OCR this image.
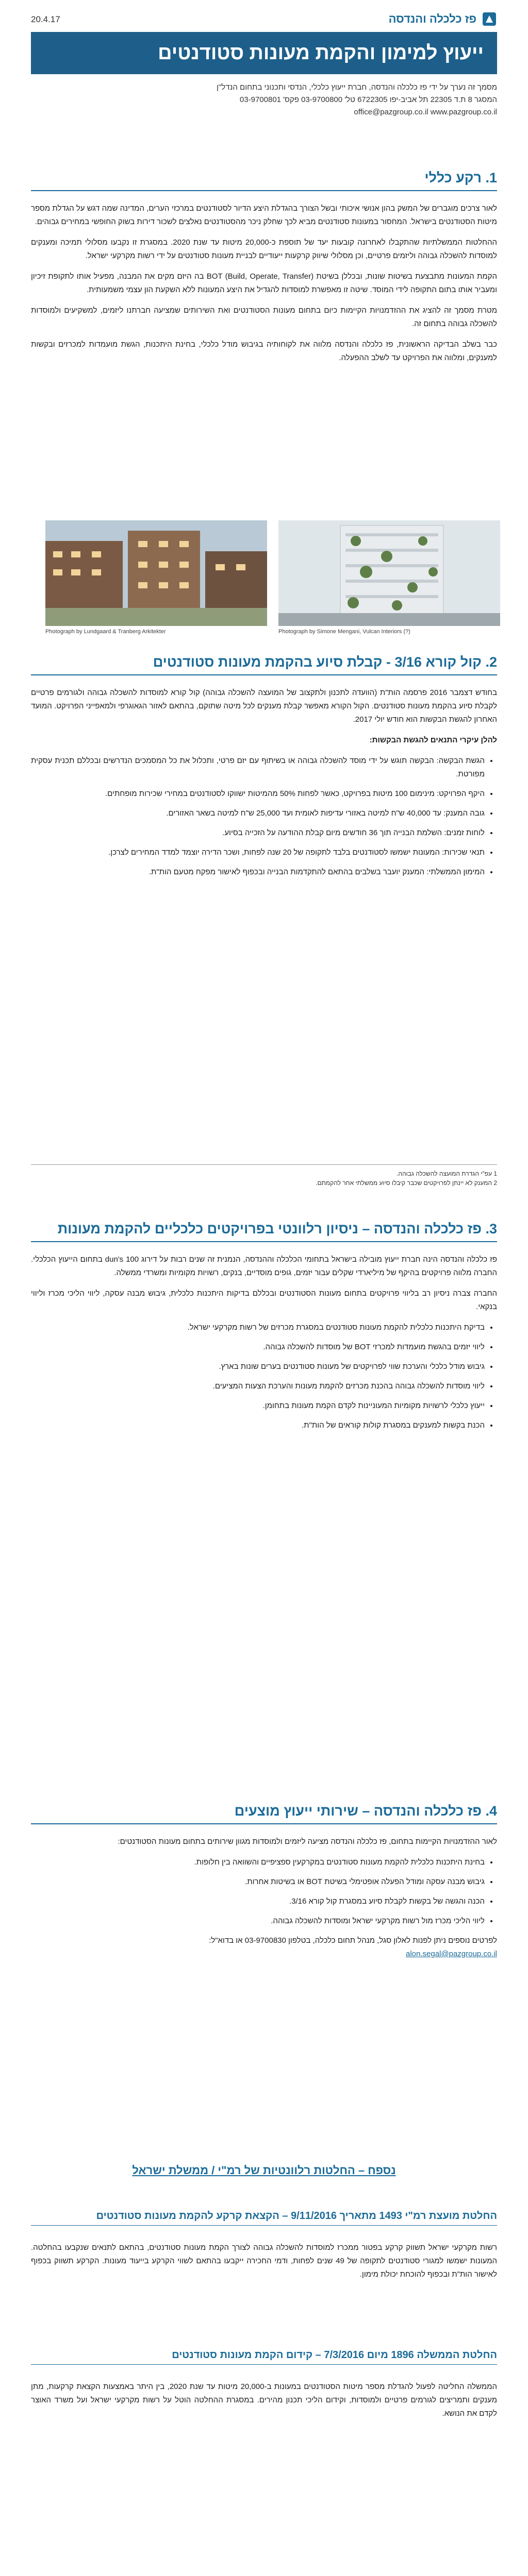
20.4.17	פז כלכלה והנדסה
ייעוץ למימון והקמת מעונות סטודנטים
מסמך זה נערך על ידי פז כלכלה והנדסה, חברת ייעוץ כלכלי, הנדסי ותכנוני בתחום הנדל"ן
המסגר 8 ת.ד 22305 תל אביב-יפו 6722305 טל' 03-9700800 פקס' 03-9700801
office@pazgroup.co.il www.pazgroup.co.il
1. רקע כללי

לאור צרכים מוגברים של המשק בהון אנושי איכותי ובשל הצורך בהגדלת היצע הדיור לסטודנטים במרכזי הערים, המדינה שמה דגש על הגדלת מספר מיטות הסטודנטים בישראל. המחסור במעונות סטודנטים מביא לכך שחלק ניכר מהסטודנטים נאלצים לשכור דירות בשוק החופשי במחירים גבוהים.

ההחלטות הממשלתיות שהתקבלו לאחרונה קובעות יעד של תוספת כ-20,000 מיטות עד שנת 2020. במסגרת זו נקבעו מסלולי תמיכה ומענקים למוסדות להשכלה גבוהה וליזמים פרטיים, וכן מסלולי שיווק קרקעות ייעודיים לבניית מעונות סטודנטים על ידי רשות מקרקעי ישראל.

הקמת המעונות מתבצעת בשיטות שונות, ובכללן בשיטת BOT (Build, Operate, Transfer) בה היזם מקים את המבנה, מפעיל אותו לתקופת זיכיון ומעביר אותו בתום התקופה לידי המוסד. שיטה זו מאפשרת למוסדות להגדיל את היצע המעונות ללא השקעת הון עצמי משמעותית.

מטרת מסמך זה להציג את ההזדמנויות הקיימות כיום בתחום מעונות הסטודנטים ואת השירותים שמציעה חברתנו ליזמים, למשקיעים ולמוסדות להשכלה גבוהה בתחום זה.

כבר בשלב הבדיקה הראשונית, פז כלכלה והנדסה מלווה את לקוחותיה בגיבוש מודל כלכלי, בחינת היתכנות, הגשת מועמדות למכרזים ובקשות למענקים, ומלווה את הפרויקט עד לשלב ההפעלה.

Photograph by Lundgaard & Tranberg Arkitekter	Photograph by Simone Mengani, Vulcan Interiors (?)
2. קול קורא 3/16 - קבלת סיוע בהקמת מעונות סטודנטים

בחודש דצמבר 2016 פרסמה הות"ת (הוועדה לתכנון ולתקצוב של המועצה להשכלה גבוהה) קול קורא למוסדות להשכלה גבוהה ולגורמים פרטיים לקבלת סיוע בהקמת מעונות סטודנטים. הקול הקורא מאפשר קבלת מענקים לכל מיטה שתוקם, בהתאם לאזור הגאוגרפי ולמאפייני הפרויקט. המועד האחרון להגשת הבקשות הוא חודש יולי 2017.

להלן עיקרי התנאים להגשת הבקשות:

• הגשת הבקשה: הבקשה תוגש על ידי מוסד להשכלה גבוהה או בשיתוף עם יזם פרטי, ותכלול את כל המסמכים הנדרשים ובכללם תכנית עסקית מפורטת.
• היקף הפרויקט: מינימום 100 מיטות בפרויקט, כאשר לפחות 50% מהמיטות ישווקו לסטודנטים במחירי שכירות מופחתים.
• גובה המענק: עד 40,000 ש"ח למיטה באזורי עדיפות לאומית ועד 25,000 ש"ח למיטה בשאר האזורים.
• לוחות זמנים: השלמת הבנייה תוך 36 חודשים מיום קבלת ההודעה על הזכייה בסיוע.
• תנאי שכירות: המעונות ישמשו לסטודנטים בלבד לתקופה של 20 שנה לפחות, ושכר הדירה יוצמד למדד המחירים לצרכן.
• המימון הממשלתי: המענק יועבר בשלבים בהתאם להתקדמות הבנייה ובכפוף לאישור מפקח מטעם הות"ת.
1 עפ"י הגדרת המועצה להשכלה גבוהה.
2 המענק לא יינתן לפרויקטים שכבר קיבלו סיוע ממשלתי אחר להקמתם.
3. פז כלכלה והנדסה – ניסיון רלוונטי בפרויקטים כלכליים להקמת מעונות

פז כלכלה והנדסה הינה חברת ייעוץ מובילה בישראל בתחומי הכלכלה וההנדסה, הנמנית זה שנים רבות על דירוג dun's 100 בתחום הייעוץ הכלכלי. החברה מלווה פרויקטים בהיקף של מיליארדי שקלים עבור יזמים, גופים מוסדיים, בנקים, רשויות מקומיות ומשרדי ממשלה.

החברה צברה ניסיון רב בליווי פרויקטים בתחום מעונות הסטודנטים ובכללם בדיקות היתכנות כלכלית, גיבוש מבנה עסקה, ליווי הליכי מכרז וליווי בנקאי.

• בדיקת היתכנות כלכלית להקמת מעונות סטודנטים במסגרת מכרזים של רשות מקרקעי ישראל.
• ליווי יזמים בהגשת מועמדות למכרזי BOT של מוסדות להשכלה גבוהה.
• גיבוש מודל כלכלי והערכת שווי לפרויקטים של מעונות סטודנטים בערים שונות בארץ.
• ליווי מוסדות להשכלה גבוהה בהכנת מכרזים להקמת מעונות והערכת הצעות המציעים.
• ייעוץ כלכלי לרשויות מקומיות המעוניינות לקדם הקמת מעונות בתחומן.
• הכנת בקשות למענקים במסגרת קולות קוראים של הות"ת.
4. פז כלכלה והנדסה – שירותי ייעוץ מוצעים

לאור ההזדמנויות הקיימות בתחום, פז כלכלה והנדסה מציעה ליזמים ולמוסדות מגוון שירותים בתחום מעונות הסטודנטים:

• בחינת היתכנות כלכלית להקמת מעונות סטודנטים במקרקעין ספציפיים והשוואה בין חלופות.
• גיבוש מבנה עסקה ומודל הפעלה אופטימלי בשיטת BOT או בשיטות אחרות.
• הכנה והגשה של בקשות לקבלת סיוע במסגרת קול קורא 3/16.
• ליווי הליכי מכרז מול רשות מקרקעי ישראל ומוסדות להשכלה גבוהה.

לפרטים נוספים ניתן לפנות לאלון סגל, מנהל תחום כלכלה, בטלפון 03-9700830 או בדוא"ל:
alon.segal@pazgroup.co.il

נספח – החלטות רלוונטיות של רמ"י / ממשלת ישראל
החלטת מועצת רמ"י 1493 מתאריך 9/11/2016 – הקצאת קרקע להקמת מעונות סטודנטים

רשות מקרקעי ישראל תשווק קרקע בפטור ממכרז למוסדות להשכלה גבוהה לצורך הקמת מעונות סטודנטים, בהתאם לתנאים שנקבעו בהחלטה. המעונות ישמשו למגורי סטודנטים לתקופה של 49 שנים לפחות, ודמי החכירה ייקבעו בהתאם לשווי הקרקע בייעוד מעונות. הקרקע תשווק בכפוף לאישור הות"ת ובכפוף להוכחת יכולת מימון.

החלטת הממשלה 1896 מיום 7/3/2016 – קידום הקמת מעונות סטודנטים

הממשלה החליטה לפעול להגדלת מספר מיטות הסטודנטים במעונות ב-20,000 מיטות עד שנת 2020, בין היתר באמצעות הקצאת קרקעות, מתן מענקים ותמריצים לגורמים פרטיים ולמוסדות, וקידום הליכי תכנון מהירים. במסגרת ההחלטה הוטל על רשות מקרקעי ישראל ועל משרד האוצר לקדם את הנושא.
